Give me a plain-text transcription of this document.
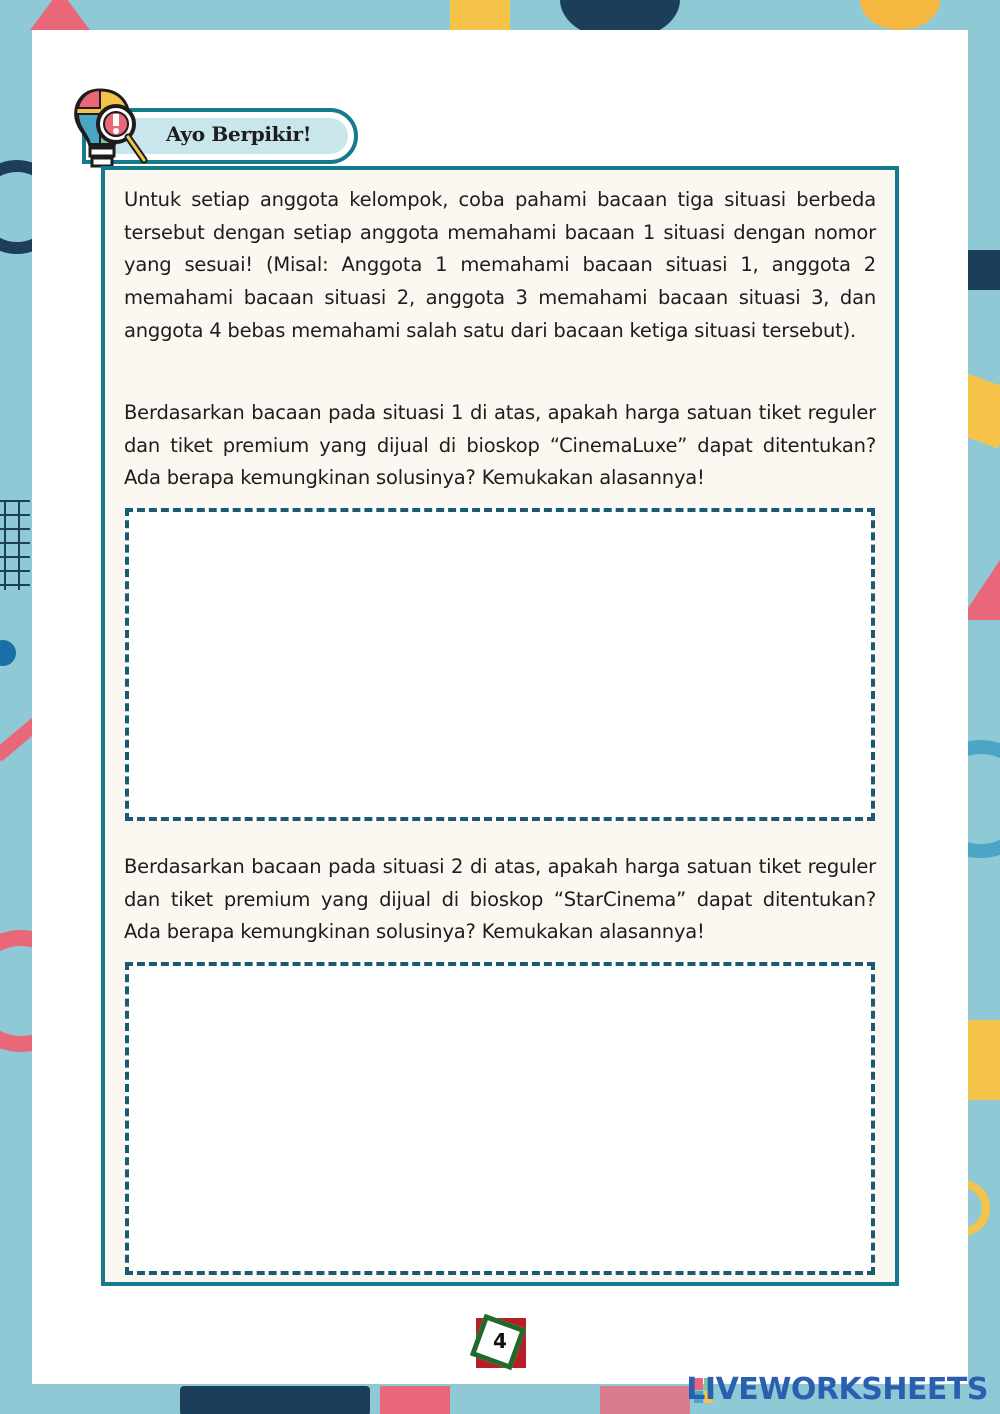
Ayo Berpikir!

Untuk setiap anggota kelompok, coba pahami bacaan tiga situasi berbeda tersebut dengan setiap anggota memahami bacaan 1 situasi dengan nomor yang sesuai! (Misal: Anggota 1 memahami bacaan situasi 1, anggota 2 memahami bacaan situasi 2, anggota 3 memahami bacaan situasi 3, dan anggota 4 bebas memahami salah satu dari bacaan ketiga situasi tersebut).

Berdasarkan bacaan pada situasi 1 di atas, apakah harga satuan tiket reguler dan tiket premium yang dijual di bioskop “CinemaLuxe” dapat ditentukan? Ada berapa kemungkinan solusinya? Kemukakan alasannya!

Berdasarkan bacaan pada situasi 2 di atas, apakah harga satuan tiket reguler dan tiket premium yang dijual di bioskop “StarCinema” dapat ditentukan? Ada berapa kemungkinan solusinya? Kemukakan alasannya!

4
LIVEWORKSHEETS
